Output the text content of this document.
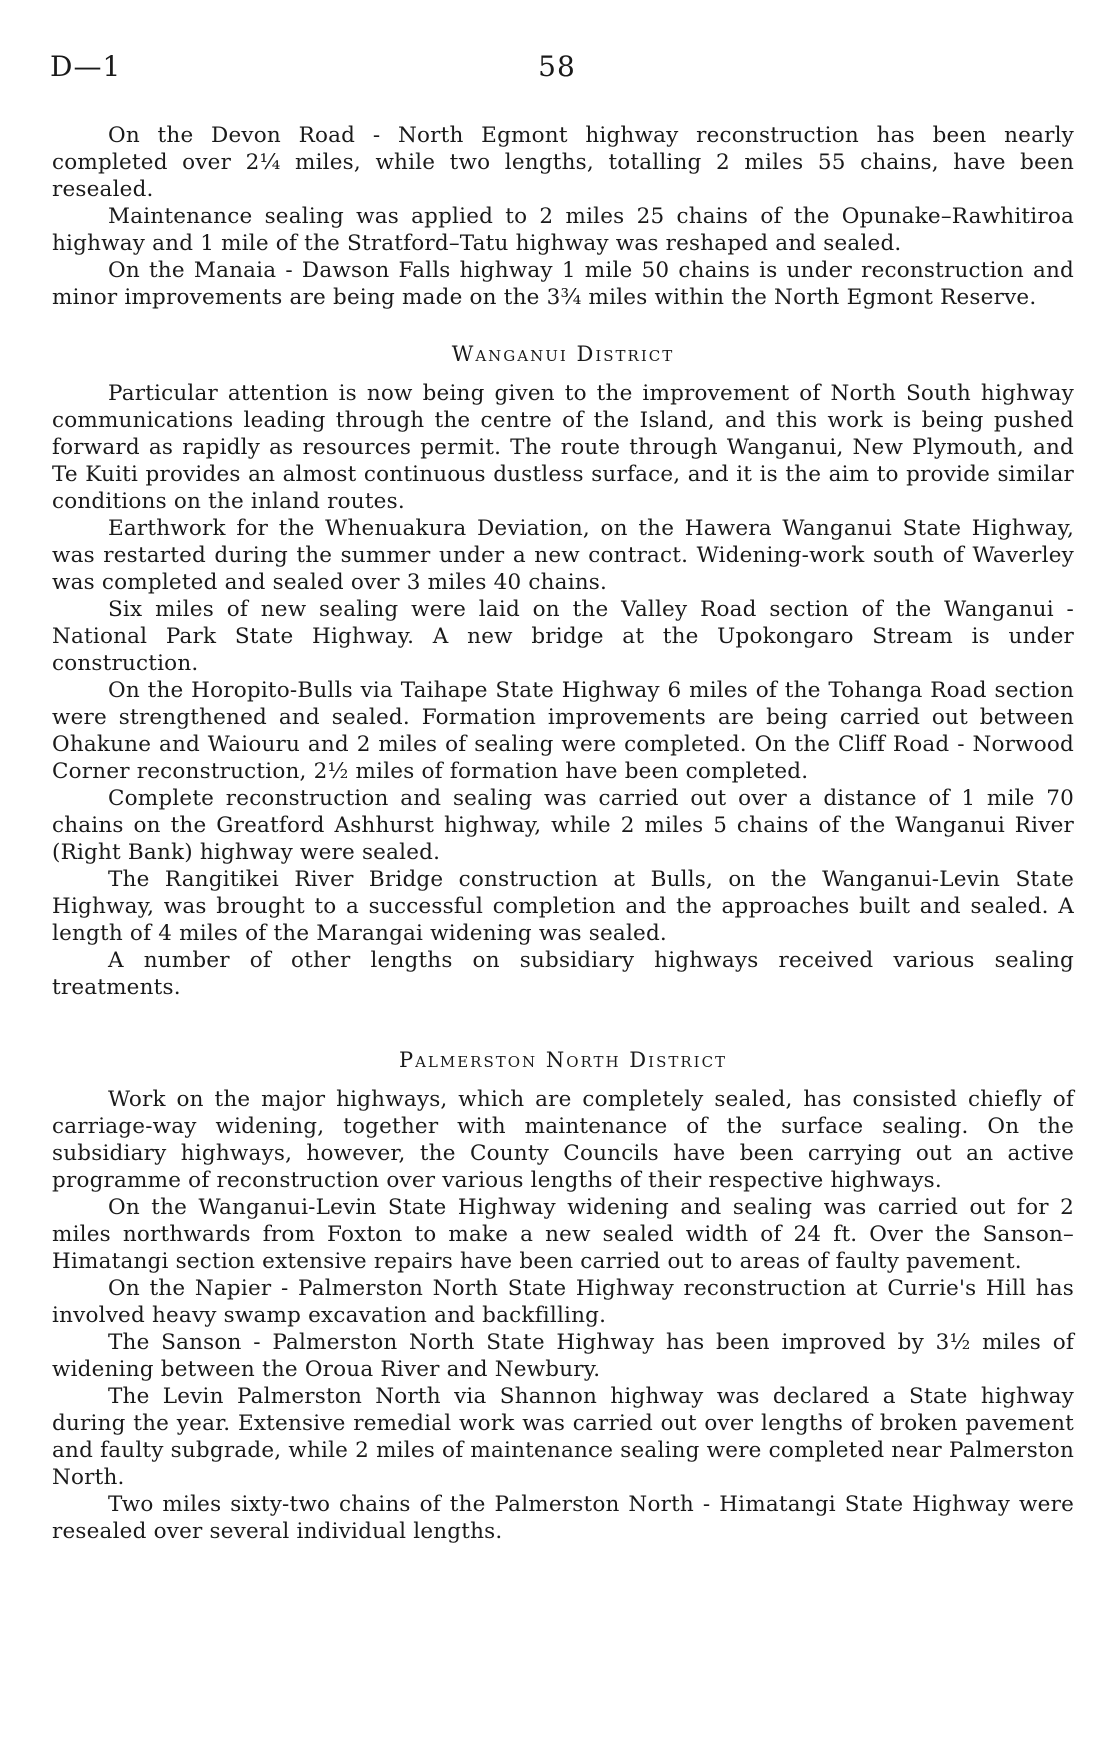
D—1	58

On the Devon Road - North Egmont highway reconstruction has been nearly completed over 2¼ miles, while two lengths, totalling 2 miles 55 chains, have been resealed.

Maintenance sealing was applied to 2 miles 25 chains of the Opunake–Rawhitiroa highway and 1 mile of the Stratford–Tatu highway was reshaped and sealed.

On the Manaia - Dawson Falls highway 1 mile 50 chains is under reconstruction and minor improvements are being made on the 3¾ miles within the North Egmont Reserve.

Wanganui District

Particular attention is now being given to the improvement of North South highway communications leading through the centre of the Island, and this work is being pushed forward as rapidly as resources permit. The route through Wanganui, New Plymouth, and Te Kuiti provides an almost continuous dustless surface, and it is the aim to provide similar conditions on the inland routes.

Earthwork for the Whenuakura Deviation, on the Hawera Wanganui State Highway, was restarted during the summer under a new contract. Widening-work south of Waverley was completed and sealed over 3 miles 40 chains.

Six miles of new sealing were laid on the Valley Road section of the Wanganui - National Park State Highway. A new bridge at the Upokongaro Stream is under construction.

On the Horopito-Bulls via Taihape State Highway 6 miles of the Tohanga Road section were strengthened and sealed. Formation improvements are being carried out between Ohakune and Waiouru and 2 miles of sealing were completed. On the Cliff Road - Norwood Corner reconstruction, 2½ miles of formation have been completed.

Complete reconstruction and sealing was carried out over a distance of 1 mile 70 chains on the Greatford Ashhurst highway, while 2 miles 5 chains of the Wanganui River (Right Bank) highway were sealed.

The Rangitikei River Bridge construction at Bulls, on the Wanganui-Levin State Highway, was brought to a successful completion and the approaches built and sealed. A length of 4 miles of the Marangai widening was sealed.

A number of other lengths on subsidiary highways received various sealing treatments.

Palmerston North District

Work on the major highways, which are completely sealed, has consisted chiefly of carriage-way widening, together with maintenance of the surface sealing. On the subsidiary highways, however, the County Councils have been carrying out an active programme of reconstruction over various lengths of their respective highways.

On the Wanganui-Levin State Highway widening and sealing was carried out for 2 miles northwards from Foxton to make a new sealed width of 24 ft. Over the Sanson–Himatangi section extensive repairs have been carried out to areas of faulty pavement.

On the Napier - Palmerston North State Highway reconstruction at Currie's Hill has involved heavy swamp excavation and backfilling.

The Sanson - Palmerston North State Highway has been improved by 3½ miles of widening between the Oroua River and Newbury.

The Levin Palmerston North via Shannon highway was declared a State highway during the year. Extensive remedial work was carried out over lengths of broken pavement and faulty subgrade, while 2 miles of maintenance sealing were completed near Palmerston North.

Two miles sixty-two chains of the Palmerston North - Himatangi State Highway were resealed over several individual lengths.
